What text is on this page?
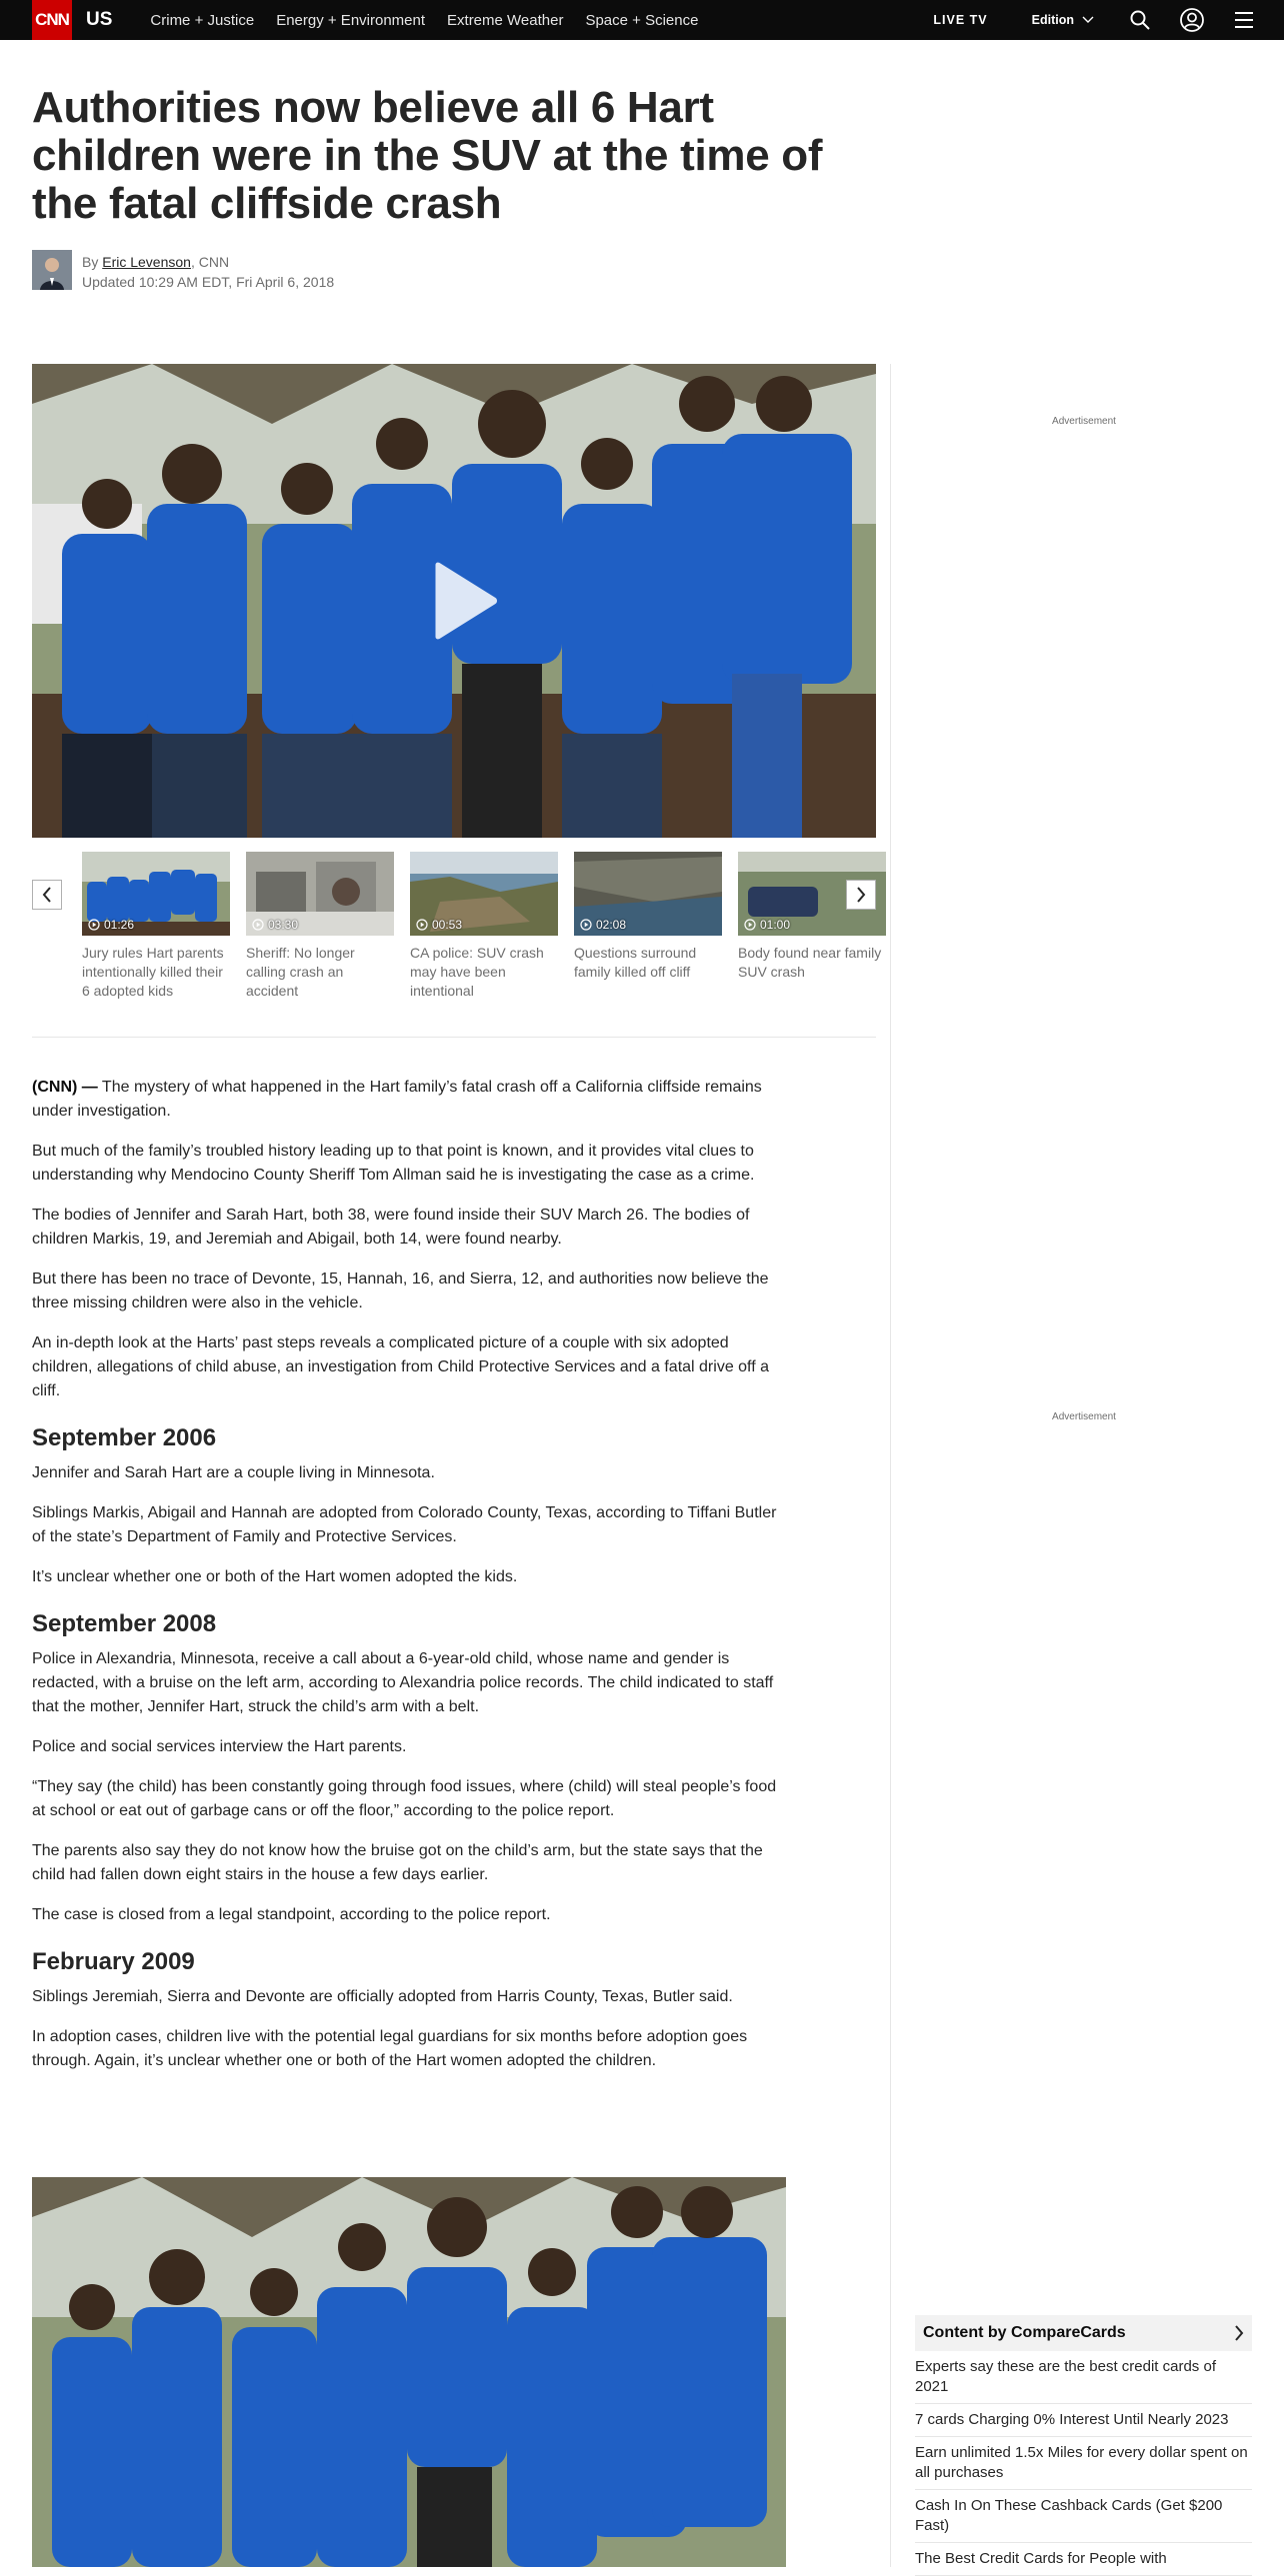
CNN US	Crime + Justice Energy + Environment Extreme Weather Space + Science	LIVE TV	Edition
Authorities now believe all 6 Hart children were in the SUV at the time of the fatal cliffside crash
By Eric Levenson, CNN
Updated 10:29 AM EDT, Fri April 6, 2018
01:26
Jury rules Hart parents intentionally killed their 6 adopted kids
03:30
Sheriff: No longer calling crash an accident
00:53
CA police: SUV crash may have been intentional
02:08
Questions surround family killed off cliff
01:00
Body found near family SUV crash

(CNN) — The mystery of what happened in the Hart family’s fatal crash off a California cliffside remains under investigation.

But much of the family’s troubled history leading up to that point is known, and it provides vital clues to understanding why Mendocino County Sheriff Tom Allman said he is investigating the case as a crime.

The bodies of Jennifer and Sarah Hart, both 38, were found inside their SUV March 26. The bodies of children Markis, 19, and Jeremiah and Abigail, both 14, were found nearby.

But there has been no trace of Devonte, 15, Hannah, 16, and Sierra, 12, and authorities now believe the three missing children were also in the vehicle.

An in-depth look at the Harts’ past steps reveals a complicated picture of a couple with six adopted children, allegations of child abuse, an investigation from Child Protective Services and a fatal drive off a cliff.

September 2006

Jennifer and Sarah Hart are a couple living in Minnesota.

Siblings Markis, Abigail and Hannah are adopted from Colorado County, Texas, according to Tiffani Butler of the state’s Department of Family and Protective Services.

It’s unclear whether one or both of the Hart women adopted the kids.

September 2008

Police in Alexandria, Minnesota, receive a call about a 6-year-old child, whose name and gender is redacted, with a bruise on the left arm, according to Alexandria police records. The child indicated to staff that the mother, Jennifer Hart, struck the child’s arm with a belt.

Police and social services interview the Hart parents.

“They say (the child) has been constantly going through food issues, where (child) will steal people’s food at school or eat out of garbage cans or off the floor,” according to the police report.

The parents also say they do not know how the bruise got on the child’s arm, but the state says that the child had fallen down eight stairs in the house a few days earlier.

The case is closed from a legal standpoint, according to the police report.

February 2009

Siblings Jeremiah, Sierra and Devonte are officially adopted from Harris County, Texas, Butler said.

In adoption cases, children live with the potential legal guardians for six months before adoption goes through. Again, it’s unclear whether one or both of the Hart women adopted the children.

Advertisement
Advertisement
Content by CompareCards
Experts say these are the best credit cards of 2021
7 cards Charging 0% Interest Until Nearly 2023
Earn unlimited 1.5x Miles for every dollar spent on all purchases
Cash In On These Cashback Cards (Get $200 Fast)
The Best Credit Cards for People with
